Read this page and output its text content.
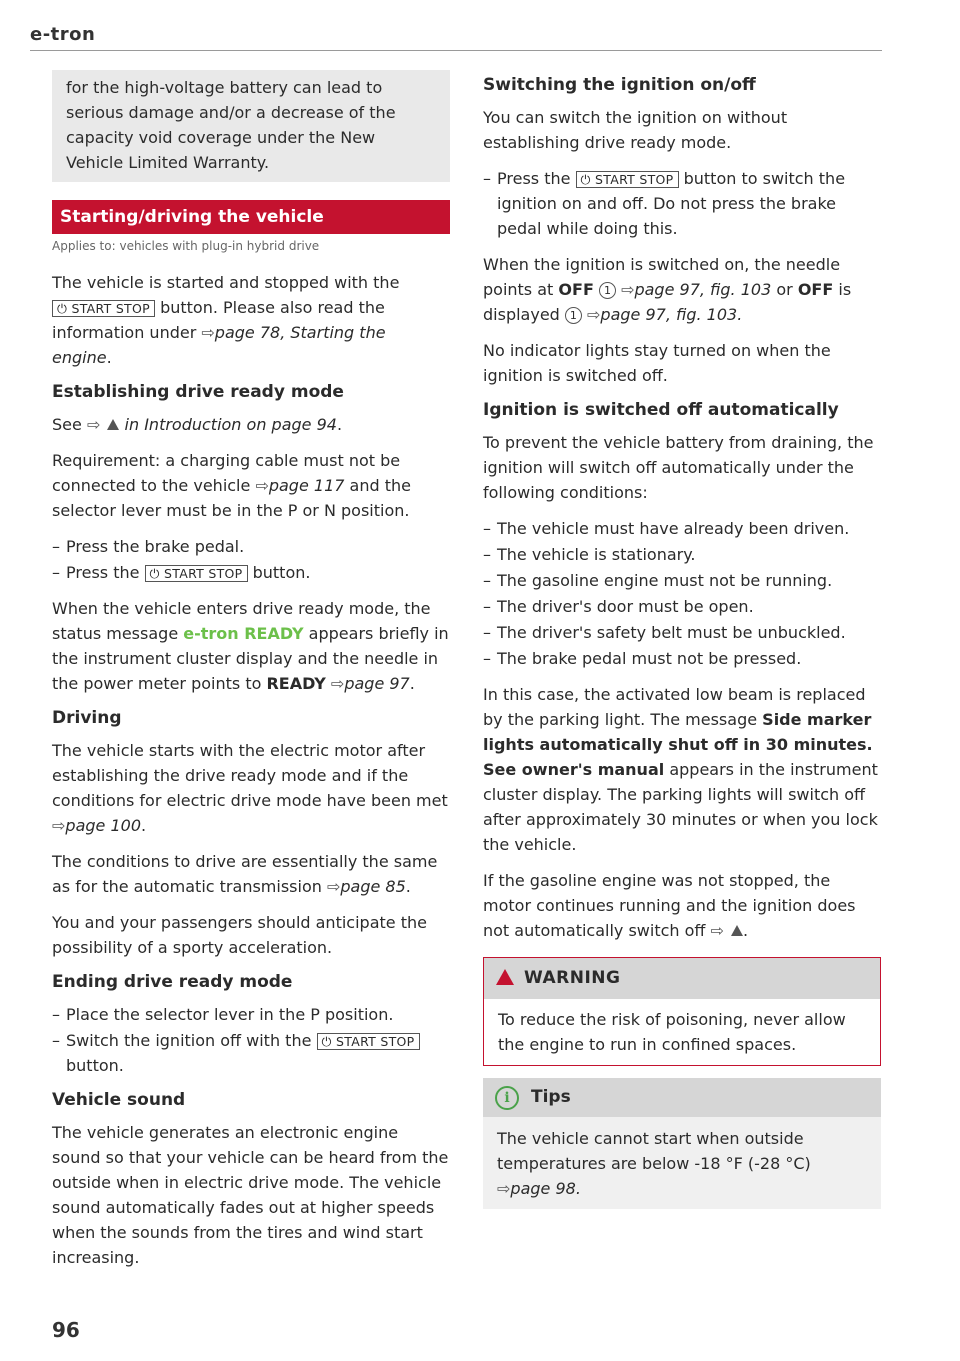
e-tron
for the high-voltage battery can lead to serious damage and/or a decrease of the capacity void coverage under the New Vehicle Limited Warranty.
Starting/driving the vehicle
Applies to: vehicles with plug-in hybrid drive

The vehicle is started and stopped with the
⏻ START STOP button. Please also read the information under ⇨page 78, Starting the engine.

Establishing drive ready mode

See ⇨ in Introduction on page 94.

Requirement: a charging cable must not be connected to the vehicle ⇨page 117 and the selector lever must be in the P or N position.

– Press the brake pedal.
– Press the ⏻ START STOP button.

When the vehicle enters drive ready mode, the status message e-tron READY appears briefly in the instrument cluster display and the needle in the power meter points to READY ⇨page 97.

Driving

The vehicle starts with the electric motor after establishing the drive ready mode and if the conditions for electric drive mode have been met ⇨page 100.

The conditions to drive are essentially the same as for the automatic transmission ⇨page 85.

You and your passengers should anticipate the possibility of a sporty acceleration.

Ending drive ready mode
– Place the selector lever in the P position.
– Switch the ignition off with the ⏻ START STOP
button.
Vehicle sound

The vehicle generates an electronic engine sound so that your vehicle can be heard from the outside when in electric drive mode. The vehicle sound automatically fades out at higher speeds when the sounds from the tires and wind start increasing.

Switching the ignition on/off

You can switch the ignition on without establishing drive ready mode.

– Press the ⏻ START STOP button to switch the ignition on and off. Do not press the brake pedal while doing this.

When the ignition is switched on, the needle points at OFF 1 ⇨page 97, fig. 103 or OFF is displayed 1 ⇨page 97, fig. 103.

No indicator lights stay turned on when the ignition is switched off.

Ignition is switched off automatically

To prevent the vehicle battery from draining, the ignition will switch off automatically under the following conditions:

– The vehicle must have already been driven.
– The vehicle is stationary.
– The gasoline engine must not be running.
– The driver's door must be open.
– The driver's safety belt must be unbuckled.
– The brake pedal must not be pressed.

In this case, the activated low beam is replaced by the parking light. The message Side marker lights automatically shut off in 30 minutes. See owner's manual appears in the instrument cluster display. The parking lights will switch off after approximately 30 minutes or when you lock the vehicle.

If the gasoline engine was not stopped, the motor continues running and the ignition does not automatically switch off ⇨ .

WARNING
To reduce the risk of poisoning, never allow the engine to run in confined spaces.
i Tips
The vehicle cannot start when outside temperatures are below -18 °F (-28 °C) ⇨page 98.
96
